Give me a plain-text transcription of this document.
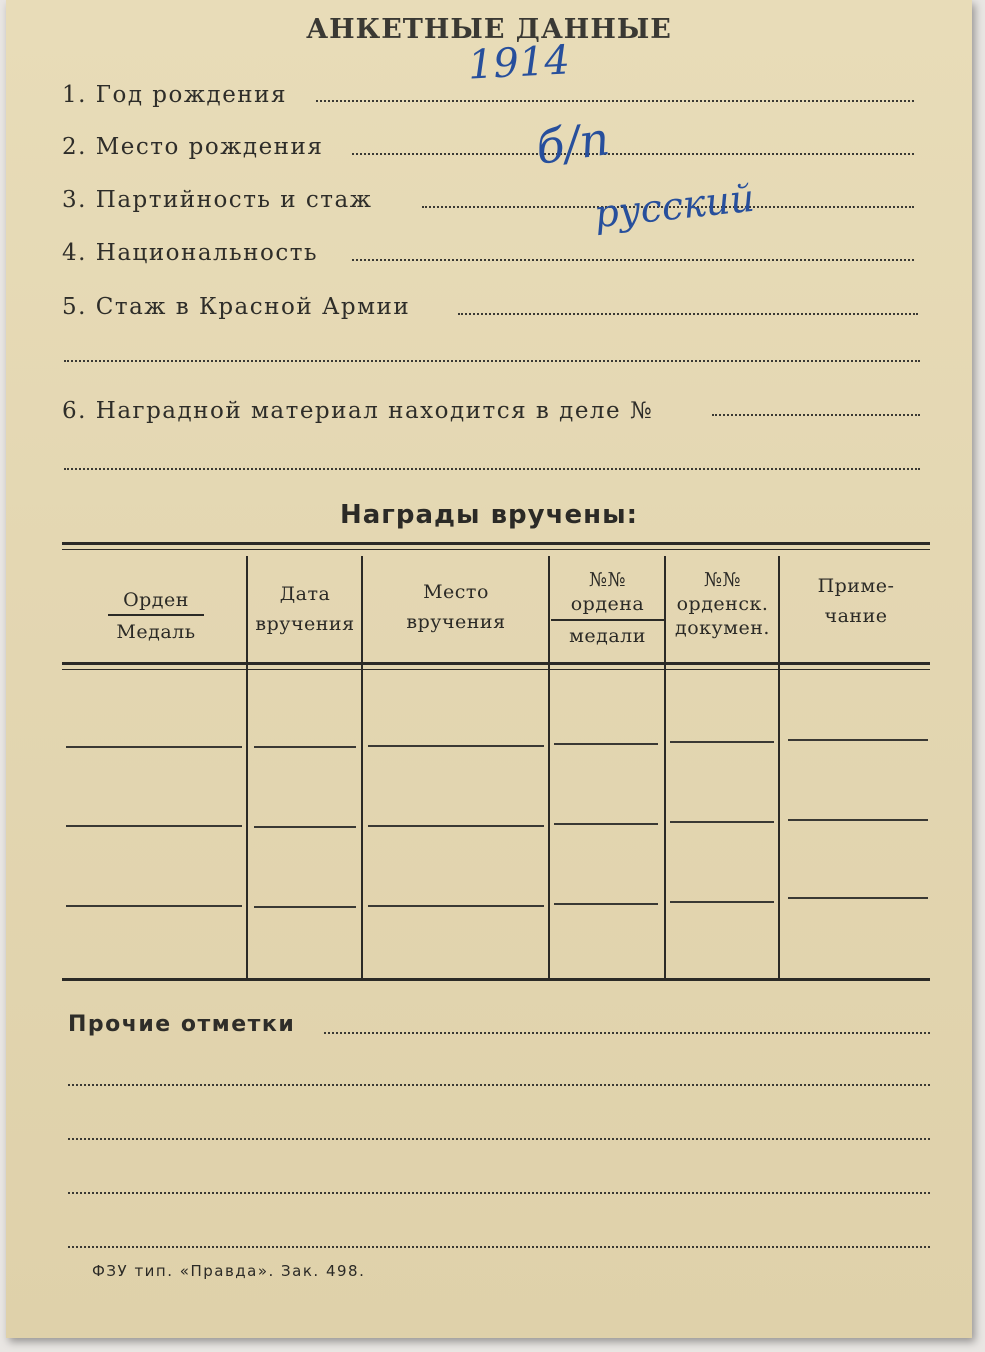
АНКЕТНЫЕ ДАННЫЕ
1. Год рождения
1914
2. Место рождения
3. Партийность и стаж
б/п
4. Национальность
русский
5. Стаж в Красной Армии
6. Наградной материал находится в деле №
Награды вручены:
Орден
Медаль
Дата
вручения
Место
вручения
№№
ордена
медали
№№
орденск.
докумен.
Приме-
чание
Прочие отметки
ФЗУ тип. «Правда». Зак. 498.
